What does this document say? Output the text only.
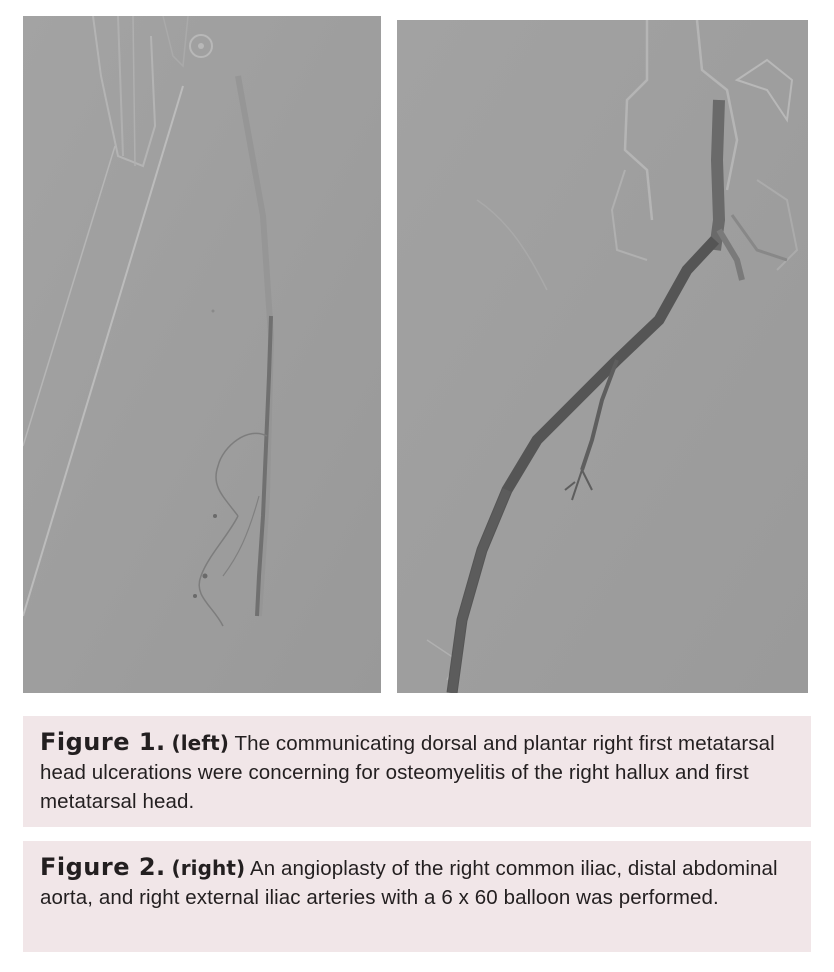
Figure 1. (left) The communicating dorsal and plantar right first metatarsal head ulcerations were concerning for osteomyelitis of the right hallux and first metatarsal head.
Figure 2. (right) An angioplasty of the right common iliac, distal abdominal aorta, and right external iliac arteries with a 6 x 60 balloon was performed.
